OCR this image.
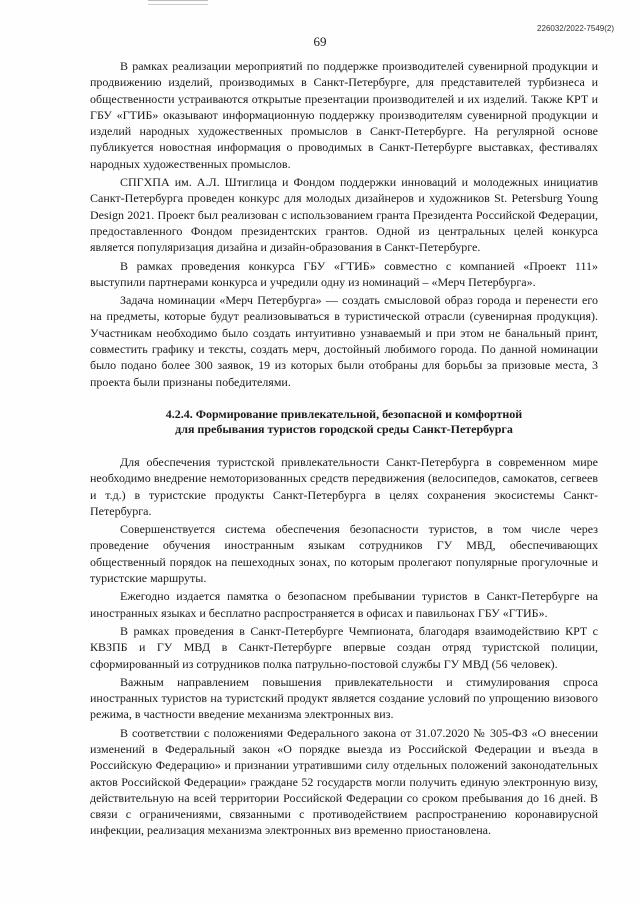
226032/2022-7549(2)
69

В рамках реализации мероприятий по поддержке производителей сувенирной продукции и продвижению изделий, производимых в Санкт-Петербурге, для представителей турбизнеса и общественности устраиваются открытые презентации производителей и их изделий. Также КРТ и ГБУ «ГТИБ» оказывают информационную поддержку производителям сувенирной продукции и изделий народных художественных промыслов в Санкт-Петербурге. На регулярной основе публикуется новостная информация о проводимых в Санкт-Петербурге выставках, фестивалях народных художественных промыслов.

СПГХПА им. А.Л. Штиглица и Фондом поддержки инноваций и молодежных инициатив Санкт-Петербурга проведен конкурс для молодых дизайнеров и художников St. Petersburg Young Design 2021. Проект был реализован с использованием гранта Президента Российской Федерации, предоставленного Фондом президентских грантов. Одной из центральных целей конкурса является популяризация дизайна и дизайн-образования в Санкт-Петербурге.

В рамках проведения конкурса ГБУ «ГТИБ» совместно с компанией «Проект 111» выступили партнерами конкурса и учредили одну из номинаций – «Мерч Петербурга».

Задача номинации «Мерч Петербурга» — создать смысловой образ города и перенести его на предметы, которые будут реализовываться в туристической отрасли (сувенирная продукция). Участникам необходимо было создать интуитивно узнаваемый и при этом не банальный принт, совместить графику и тексты, создать мерч, достойный любимого города. По данной номинации было подано более 300 заявок, 19 из которых были отобраны для борьбы за призовые места, 3 проекта были признаны победителями.

4.2.4. Формирование привлекательной, безопасной и комфортной
для пребывания туристов городской среды Санкт-Петербурга

Для обеспечения туристской привлекательности Санкт-Петербурга в современном мире необходимо внедрение немоторизованных средств передвижения (велосипедов, самокатов, сегвеев и т.д.) в туристские продукты Санкт-Петербурга в целях сохранения экосистемы Санкт-Петербурга.

Совершенствуется система обеспечения безопасности туристов, в том числе через проведение обучения иностранным языкам сотрудников ГУ МВД, обеспечивающих общественный порядок на пешеходных зонах, по которым пролегают популярные прогулочные и туристские маршруты.

Ежегодно издается памятка о безопасном пребывании туристов в Санкт-Петербурге на иностранных языках и бесплатно распространяется в офисах и павильонах ГБУ «ГТИБ».

В рамках проведения в Санкт-Петербурге Чемпионата, благодаря взаимодействию КРТ с КВЗПБ и ГУ МВД в Санкт-Петербурге впервые создан отряд туристской полиции, сформированный из сотрудников полка патрульно-постовой службы ГУ МВД (56 человек).

Важным направлением повышения привлекательности и стимулирования спроса иностранных туристов на туристский продукт является создание условий по упрощению визового режима, в частности введение механизма электронных виз.

В соответствии с положениями Федерального закона от 31.07.2020 № 305-ФЗ «О внесении изменений в Федеральный закон «О порядке выезда из Российской Федерации и въезда в Российскую Федерацию» и признании утратившими силу отдельных положений законодательных актов Российской Федерации» граждане 52 государств могли получить единую электронную визу, действительную на всей территории Российской Федерации со сроком пребывания до 16 дней. В связи с ограничениями, связанными с противодействием распространению коронавирусной инфекции, реализация механизма электронных виз временно приостановлена.
